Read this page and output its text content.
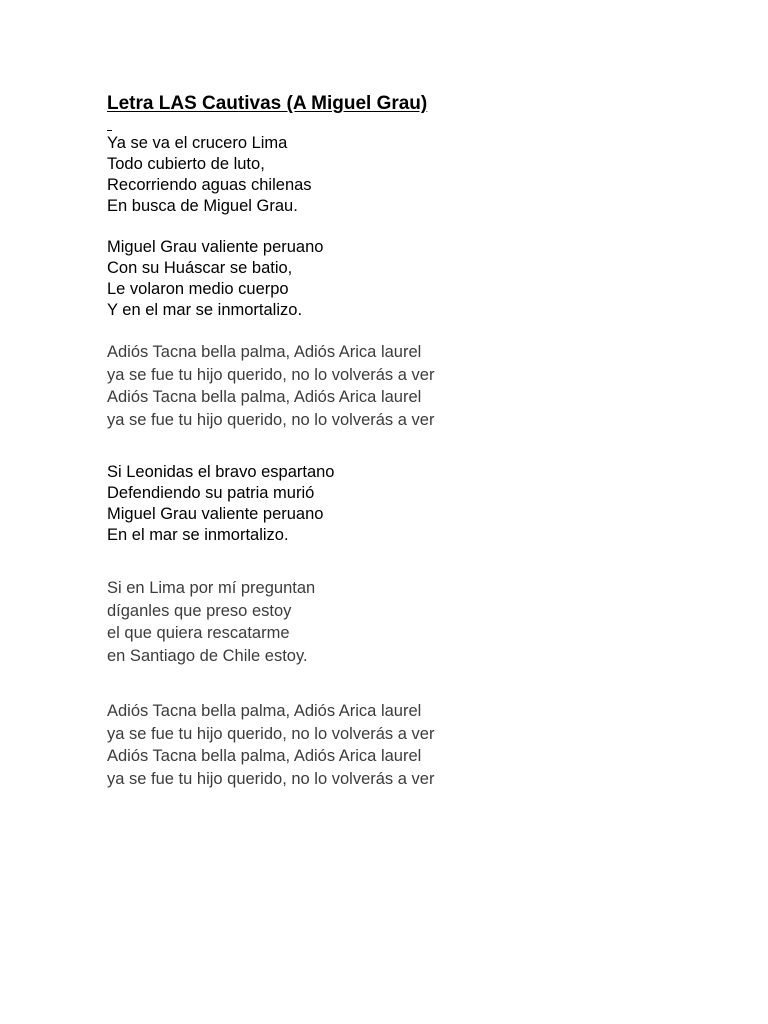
Letra LAS Cautivas (A Miguel Grau)
Ya se va el crucero Lima
Todo cubierto de luto,
Recorriendo aguas chilenas
En busca de Miguel Grau.
Miguel Grau valiente peruano
Con su Huáscar se batio,
Le volaron medio cuerpo
Y en el mar se inmortalizo.
Adiós Tacna bella palma, Adiós Arica laurel
ya se fue tu hijo querido, no lo volverás a ver
Adiós Tacna bella palma, Adiós Arica laurel
ya se fue tu hijo querido, no lo volverás a ver
Si Leonidas el bravo espartano
Defendiendo su patria murió
Miguel Grau valiente peruano
En el mar se inmortalizo.
Si en Lima por mí preguntan
díganles que preso estoy
el que quiera rescatarme
en Santiago de Chile estoy.
Adiós Tacna bella palma, Adiós Arica laurel
ya se fue tu hijo querido, no lo volverás a ver
Adiós Tacna bella palma, Adiós Arica laurel
ya se fue tu hijo querido, no lo volverás a ver
